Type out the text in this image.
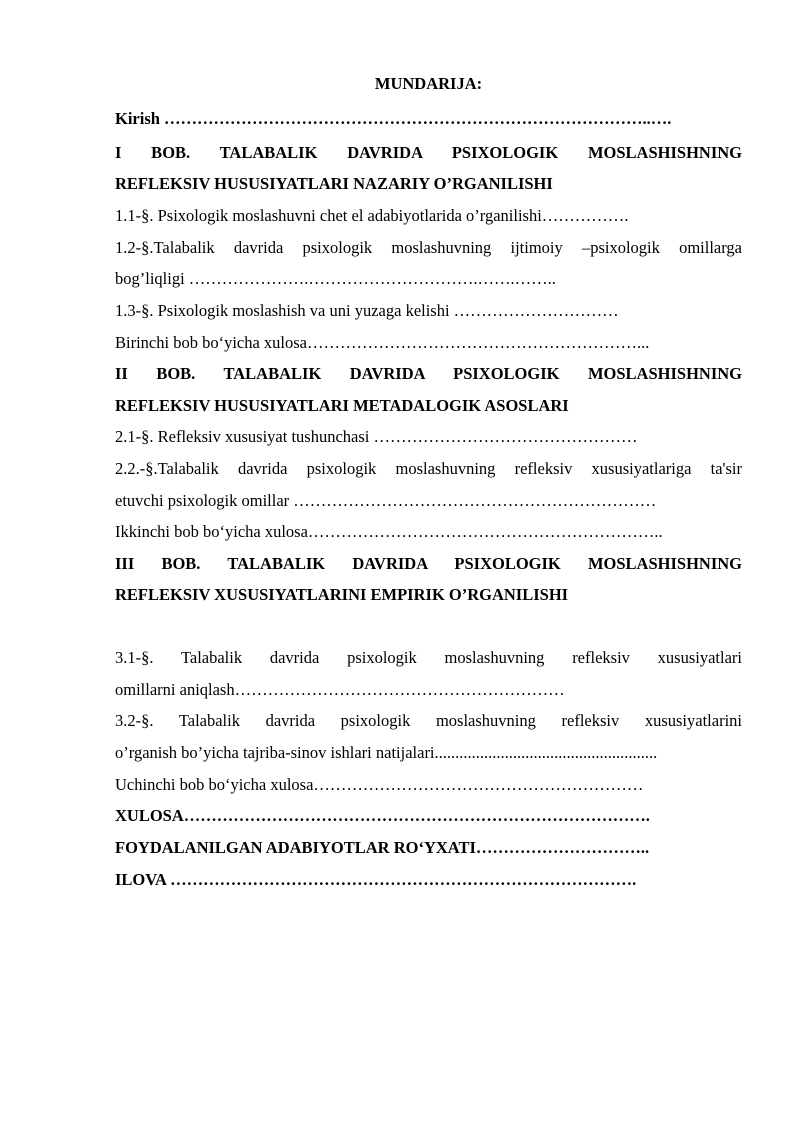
MUNDARIJA:
Kirish ……………………………………………………………………………..….
I BOB. TALABALIK DAVRIDA PSIXOLOGIK MOSLASHISHNING
REFLEKSIV HUSUSIYATLARI NAZARIY O’RGANILISHI
1.1-§. Psixologik moslashuvni chet el adabiyotlarida o’rganilishi…………….
1.2-§.Talabalik davrida psixologik moslashuvning ijtimoiy –psixologik omillarga
bog’liqligi ………………….………………………….…….……..
1.3-§. Psixologik moslashish va uni yuzaga kelishi …………………………
Birinchi bob bo‘yicha xulosa……………………………………………………...
II BOB. TALABALIK DAVRIDA PSIXOLOGIK MOSLASHISHNING
REFLEKSIV HUSUSIYATLARI METADALOGIK ASOSLARI
2.1-§. Refleksiv xususiyat tushunchasi …………………………………………
2.2.-§.Talabalik davrida psixologik moslashuvning refleksiv xususiyatlariga ta'sir
etuvchi psixologik omillar …………………………………………………………
Ikkinchi bob bo‘yicha xulosa………………………………………………………..
III BOB. TALABALIK DAVRIDA PSIXOLOGIK MOSLASHISHNING
REFLEKSIV XUSUSIYATLARINI EMPIRIK O’RGANILISHI
3.1-§. Talabalik davrida psixologik moslashuvning refleksiv xususiyatlari
omillarni aniqlash……………………………………………………
3.2-§. Talabalik davrida psixologik moslashuvning refleksiv xususiyatlarini
o’rganish bo’yicha tajriba-sinov ishlari natijalari......................................................
Uchinchi bob bo‘yicha xulosa……………………………………………………
XULOSA………………………………………………………………………….
FOYDALANILGAN ADABIYOTLAR RO‘YXATI…………………………..
ILOVA ………………………………………………………………………….
